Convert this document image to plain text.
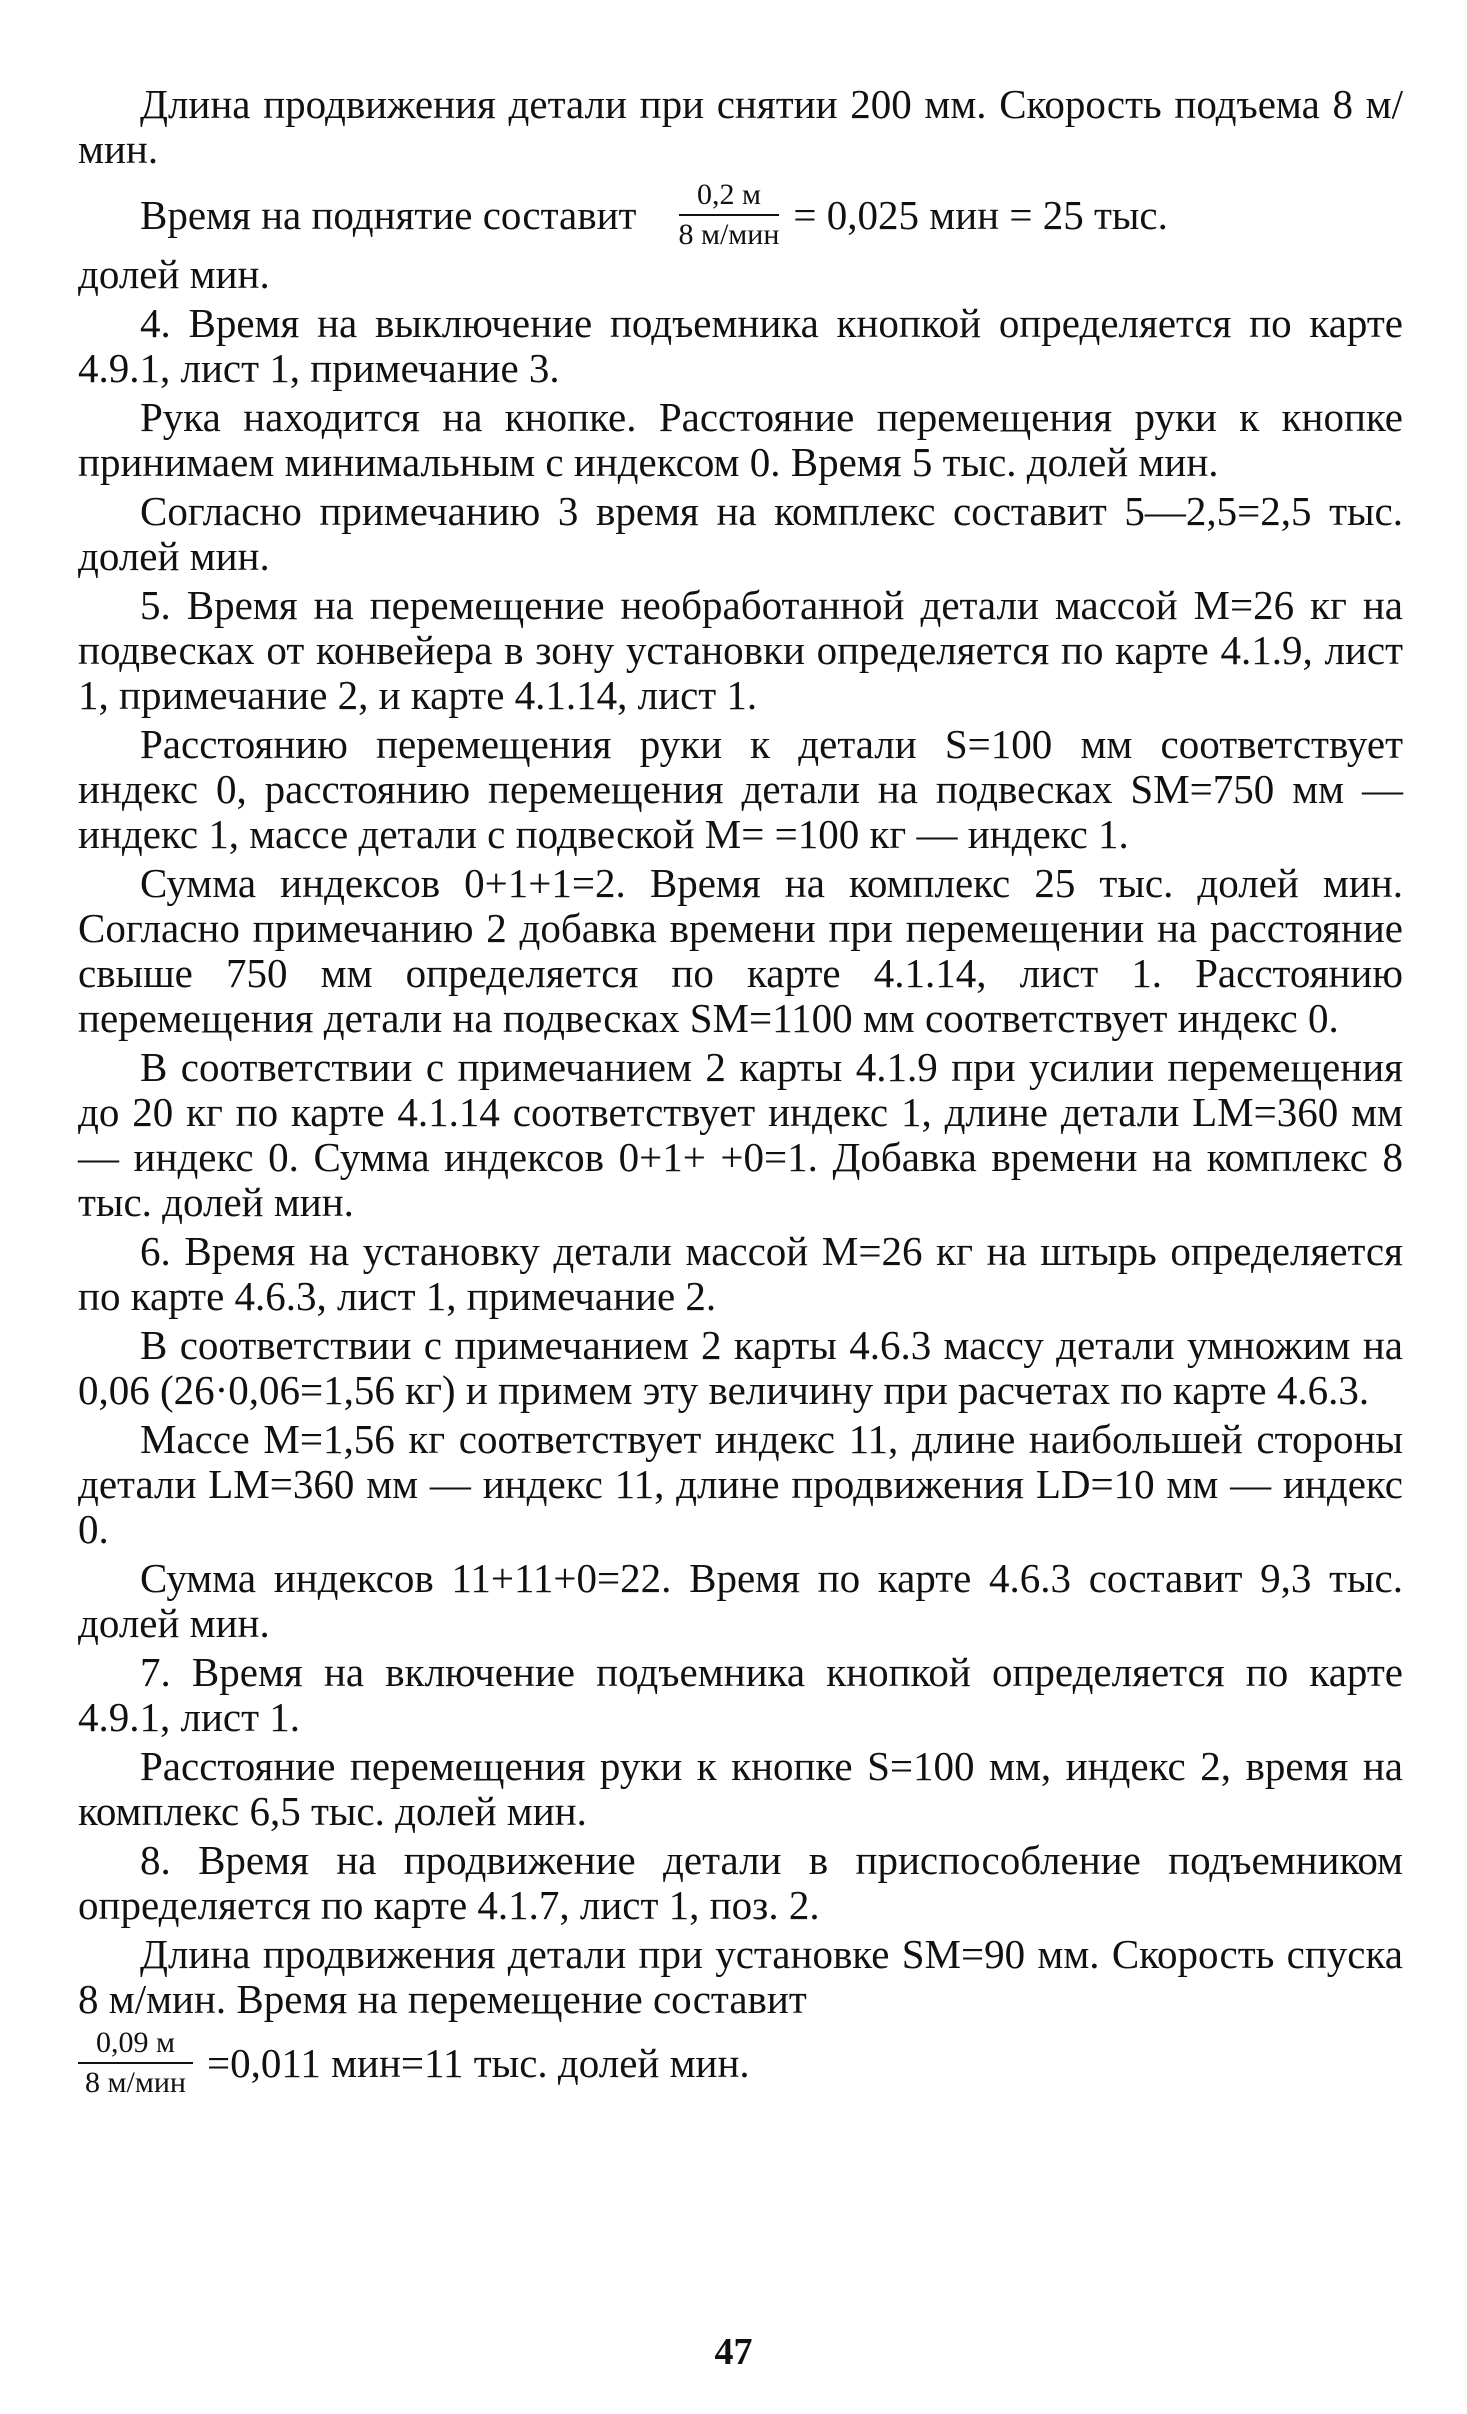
Длина продвижения детали при снятии 200 мм. Скорость подъема 8 м/мин.

Время на поднятие составит $\frac{0,2 м}{\text{8 м/мин}} = 0,025$ мин = 25 тыс.

долей мин.

4. Время на выключение подъемника кнопкой определяется по карте 4.9.1, лист 1, примечание 3.

Рука находится на кнопке. Расстояние перемещения руки к кнопке принимаем минимальным с индексом 0. Время 5 тыс. долей мин.

Согласно примечанию 3 время на комплекс составит 5—2,5=2,5 тыс. долей мин.

5. Время на перемещение необработанной детали массой M=26 кг на подвесках от конвейера в зону установки определяется по карте 4.1.9, лист 1, примечание 2, и карте 4.1.14, лист 1.

Расстоянию перемещения руки к детали S=100 мм соответствует индекс 0, расстоянию перемещения детали на подвесках SM=750 мм — индекс 1, массе детали с подвеской M= =100 кг — индекс 1.

Сумма индексов 0+1+1=2. Время на комплекс 25 тыс. долей мин. Согласно примечанию 2 добавка времени при перемещении на расстояние свыше 750 мм определяется по карте 4.1.14, лист 1. Расстоянию перемещения детали на подвесках SM=1100 мм соответствует индекс 0.

В соответствии с примечанием 2 карты 4.1.9 при усилии перемещения до 20 кг по карте 4.1.14 соответствует индекс 1, длине детали LM=360 мм — индекс 0. Сумма индексов 0+1+ +0=1. Добавка времени на комплекс 8 тыс. долей мин.

6. Время на установку детали массой M=26 кг на штырь определяется по карте 4.6.3, лист 1, примечание 2.

В соответствии с примечанием 2 карты 4.6.3 массу детали умножим на 0,06 (26·0,06=1,56 кг) и примем эту величину при расчетах по карте 4.6.3.

Массе M=1,56 кг соответствует индекс 11, длине наибольшей стороны детали LM=360 мм — индекс 11, длине продвижения LD=10 мм — индекс 0.

Сумма индексов 11+11+0=22. Время по карте 4.6.3 составит 9,3 тыс. долей мин.

7. Время на включение подъемника кнопкой определяется по карте 4.9.1, лист 1.

Расстояние перемещения руки к кнопке S=100 мм, индекс 2, время на комплекс 6,5 тыс. долей мин.

8. Время на продвижение детали в приспособление подъемником определяется по карте 4.1.7, лист 1, поз. 2.

Длина продвижения детали при установке SM=90 мм. Скорость спуска 8 м/мин. Время на перемещение составит

$\frac{0,09 м}{\text{8 м/мин}} =0,011$ мин=11 тыс. долей мин.
47
